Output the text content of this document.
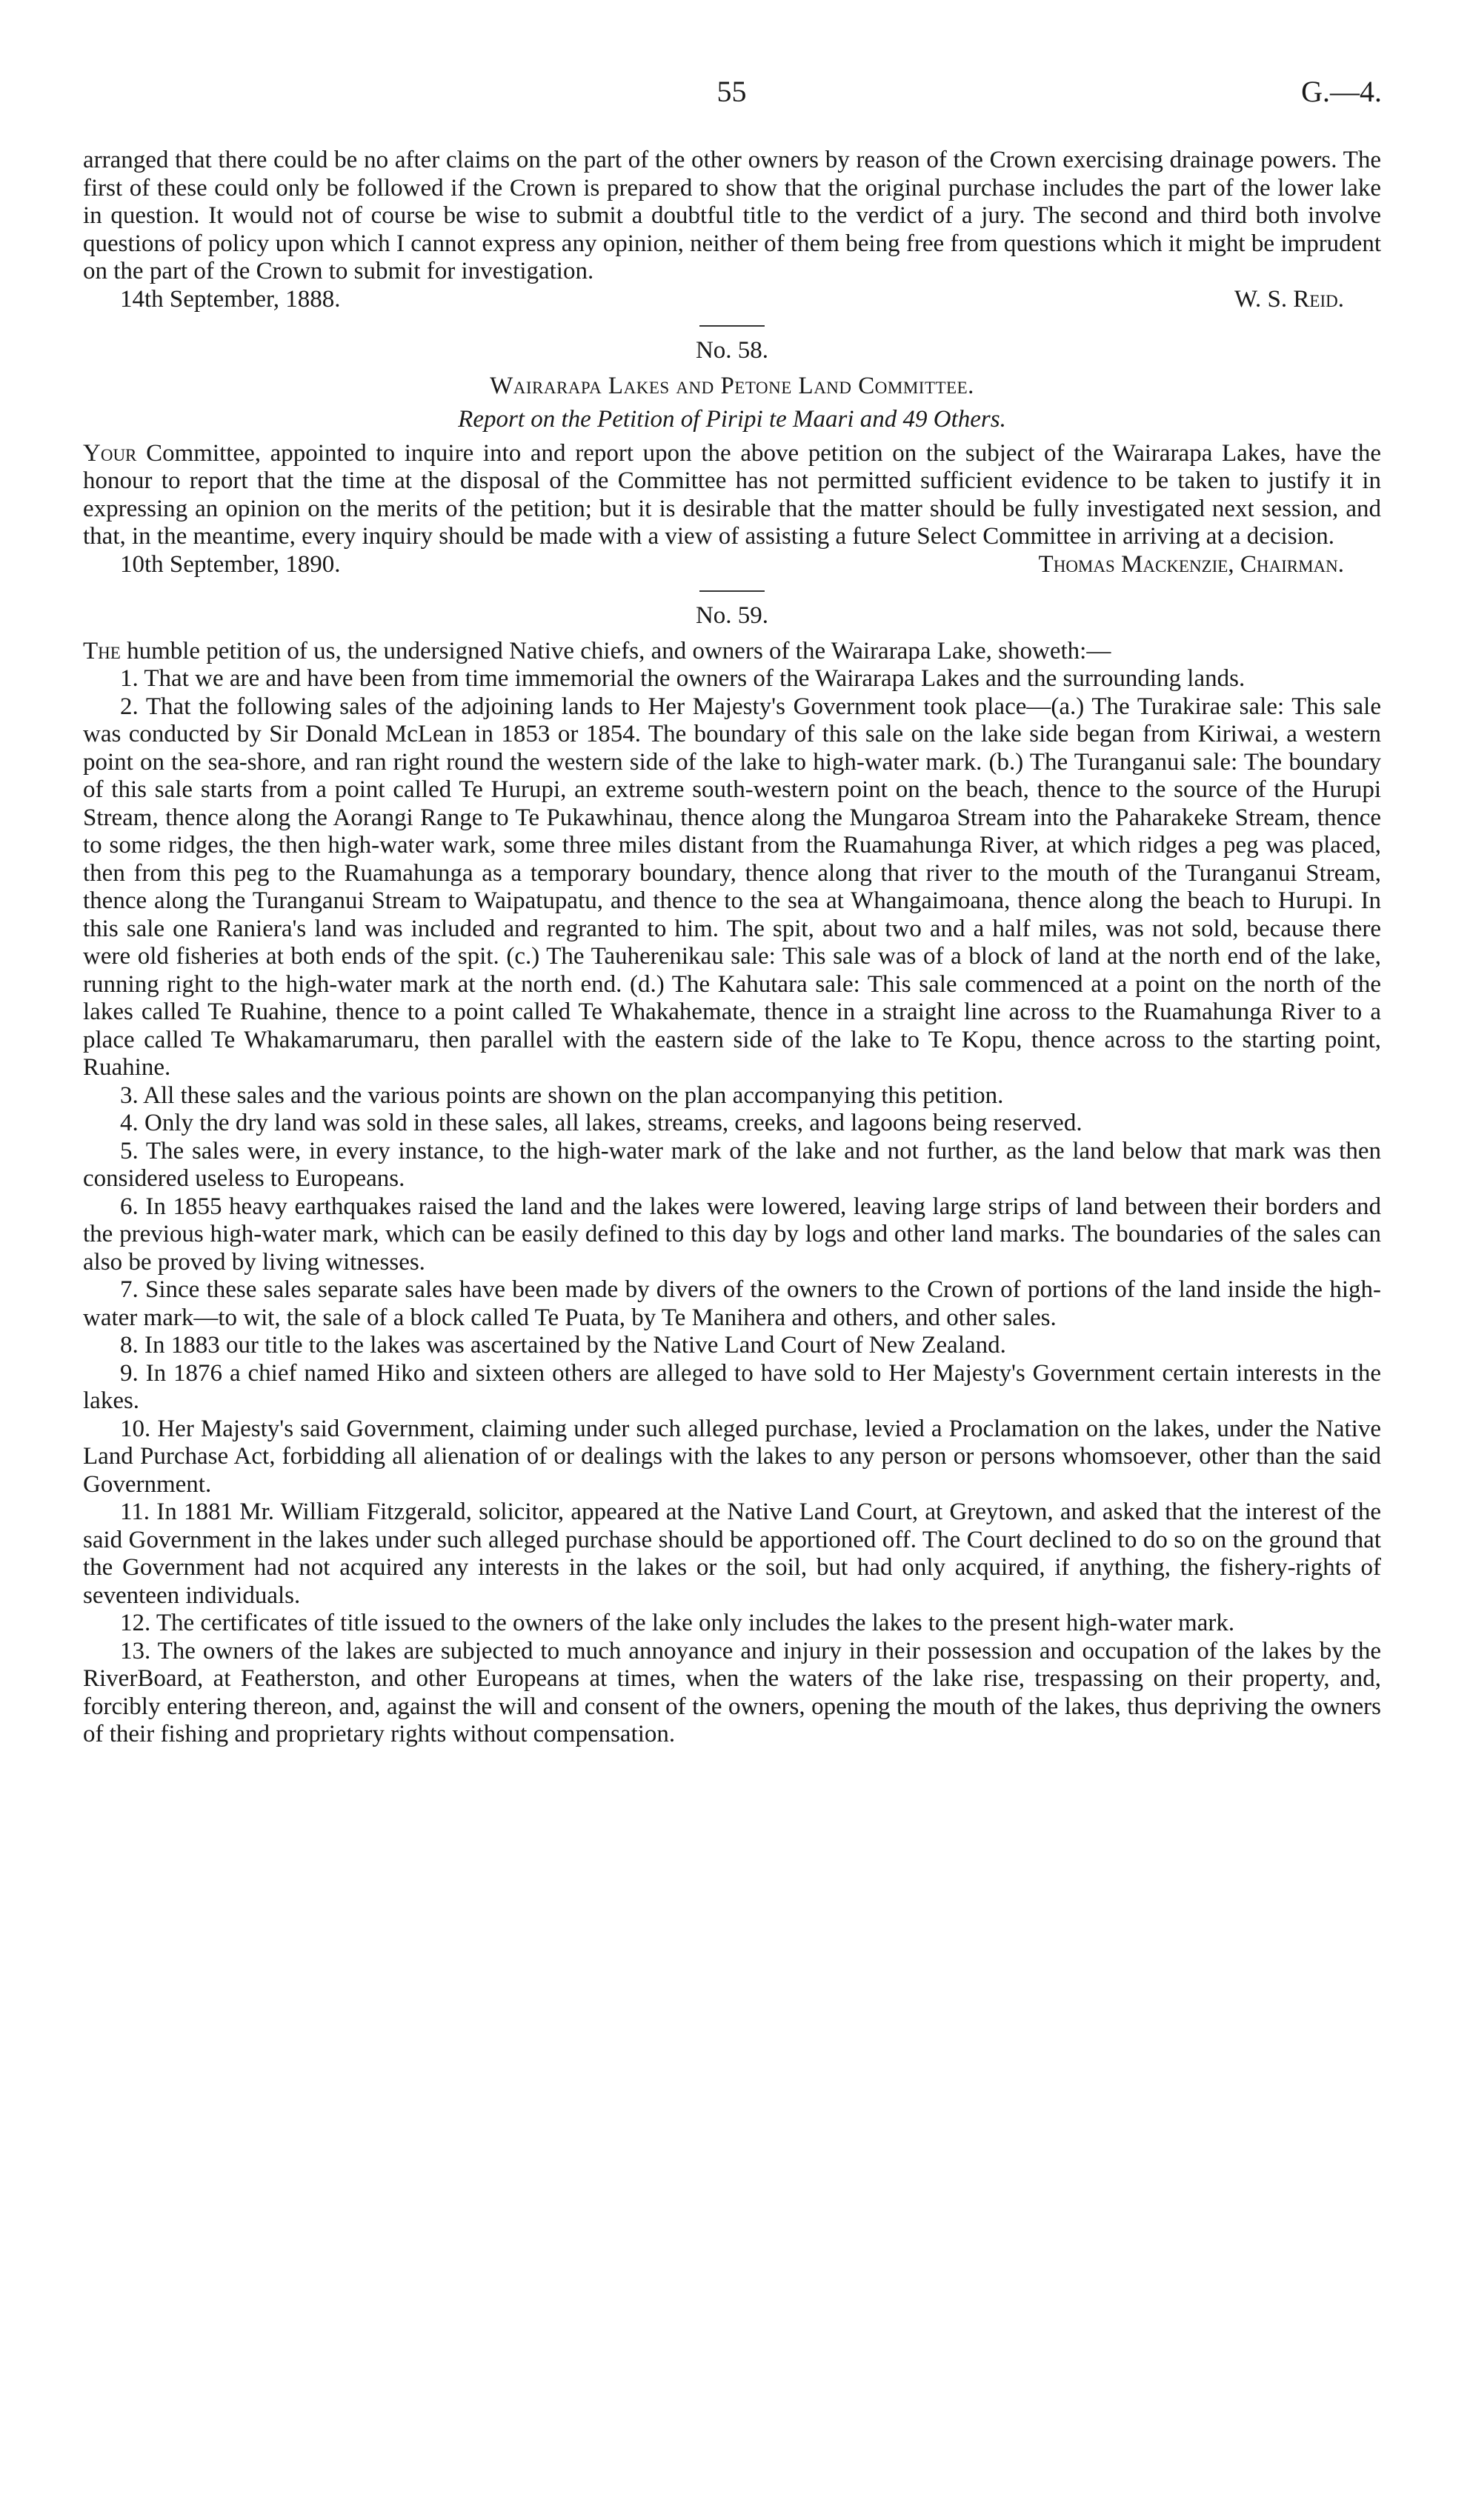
55	G.—4.

arranged that there could be no after claims on the part of the other owners by reason of the Crown exercising drainage powers. The first of these could only be followed if the Crown is prepared to show that the original purchase includes the part of the lower lake in question. It would not of course be wise to submit a doubtful title to the verdict of a jury. The second and third both involve questions of policy upon which I cannot express any opinion, neither of them being free from questions which it might be imprudent on the part of the Crown to submit for investigation.

14th September, 1888.	W. S. Reid.
No. 58.
Wairarapa Lakes and Petone Land Committee.
Report on the Petition of Piripi te Maari and 49 Others.

Your Committee, appointed to inquire into and report upon the above petition on the subject of the Wairarapa Lakes, have the honour to report that the time at the disposal of the Committee has not permitted sufficient evidence to be taken to justify it in expressing an opinion on the merits of the petition; but it is desirable that the matter should be fully investigated next session, and that, in the meantime, every inquiry should be made with a view of assisting a future Select Committee in arriving at a decision.

10th September, 1890.	Thomas Mackenzie, Chairman.
No. 59.

The humble petition of us, the undersigned Native chiefs, and owners of the Wairarapa Lake, showeth:—

1. That we are and have been from time immemorial the owners of the Wairarapa Lakes and the surrounding lands.

2. That the following sales of the adjoining lands to Her Majesty's Government took place—(a.) The Turakirae sale: This sale was conducted by Sir Donald McLean in 1853 or 1854. The boundary of this sale on the lake side began from Kiriwai, a western point on the sea-shore, and ran right round the western side of the lake to high-water mark. (b.) The Turanganui sale: The boundary of this sale starts from a point called Te Hurupi, an extreme south-western point on the beach, thence to the source of the Hurupi Stream, thence along the Aorangi Range to Te Pukawhinau, thence along the Mungaroa Stream into the Paharakeke Stream, thence to some ridges, the then high-water wark, some three miles distant from the Ruamahunga River, at which ridges a peg was placed, then from this peg to the Ruamahunga as a temporary boundary, thence along that river to the mouth of the Turanganui Stream, thence along the Turanganui Stream to Waipatupatu, and thence to the sea at Whangaimoana, thence along the beach to Hurupi. In this sale one Raniera's land was included and regranted to him. The spit, about two and a half miles, was not sold, because there were old fisheries at both ends of the spit. (c.) The Tauherenikau sale: This sale was of a block of land at the north end of the lake, running right to the high-water mark at the north end. (d.) The Kahutara sale: This sale commenced at a point on the north of the lakes called Te Ruahine, thence to a point called Te Whakahemate, thence in a straight line across to the Ruamahunga River to a place called Te Whakamarumaru, then parallel with the eastern side of the lake to Te Kopu, thence across to the starting point, Ruahine.

3. All these sales and the various points are shown on the plan accompanying this petition.

4. Only the dry land was sold in these sales, all lakes, streams, creeks, and lagoons being reserved.

5. The sales were, in every instance, to the high-water mark of the lake and not further, as the land below that mark was then considered useless to Europeans.

6. In 1855 heavy earthquakes raised the land and the lakes were lowered, leaving large strips of land between their borders and the previous high-water mark, which can be easily defined to this day by logs and other land marks. The boundaries of the sales can also be proved by living witnesses.

7. Since these sales separate sales have been made by divers of the owners to the Crown of portions of the land inside the high-water mark—to wit, the sale of a block called Te Puata, by Te Manihera and others, and other sales.

8. In 1883 our title to the lakes was ascertained by the Native Land Court of New Zealand.

9. In 1876 a chief named Hiko and sixteen others are alleged to have sold to Her Majesty's Government certain interests in the lakes.

10. Her Majesty's said Government, claiming under such alleged purchase, levied a Proclamation on the lakes, under the Native Land Purchase Act, forbidding all alienation of or dealings with the lakes to any person or persons whomsoever, other than the said Government.

11. In 1881 Mr. William Fitzgerald, solicitor, appeared at the Native Land Court, at Greytown, and asked that the interest of the said Government in the lakes under such alleged purchase should be apportioned off. The Court declined to do so on the ground that the Government had not acquired any interests in the lakes or the soil, but had only acquired, if anything, the fishery-rights of seventeen individuals.

12. The certificates of title issued to the owners of the lake only includes the lakes to the present high-water mark.

13. The owners of the lakes are subjected to much annoyance and injury in their possession and occupation of the lakes by the RiverBoard, at Featherston, and other Europeans at times, when the waters of the lake rise, trespassing on their property, and, forcibly entering thereon, and, against the will and consent of the owners, opening the mouth of the lakes, thus depriving the owners of their fishing and proprietary rights without compensation.
